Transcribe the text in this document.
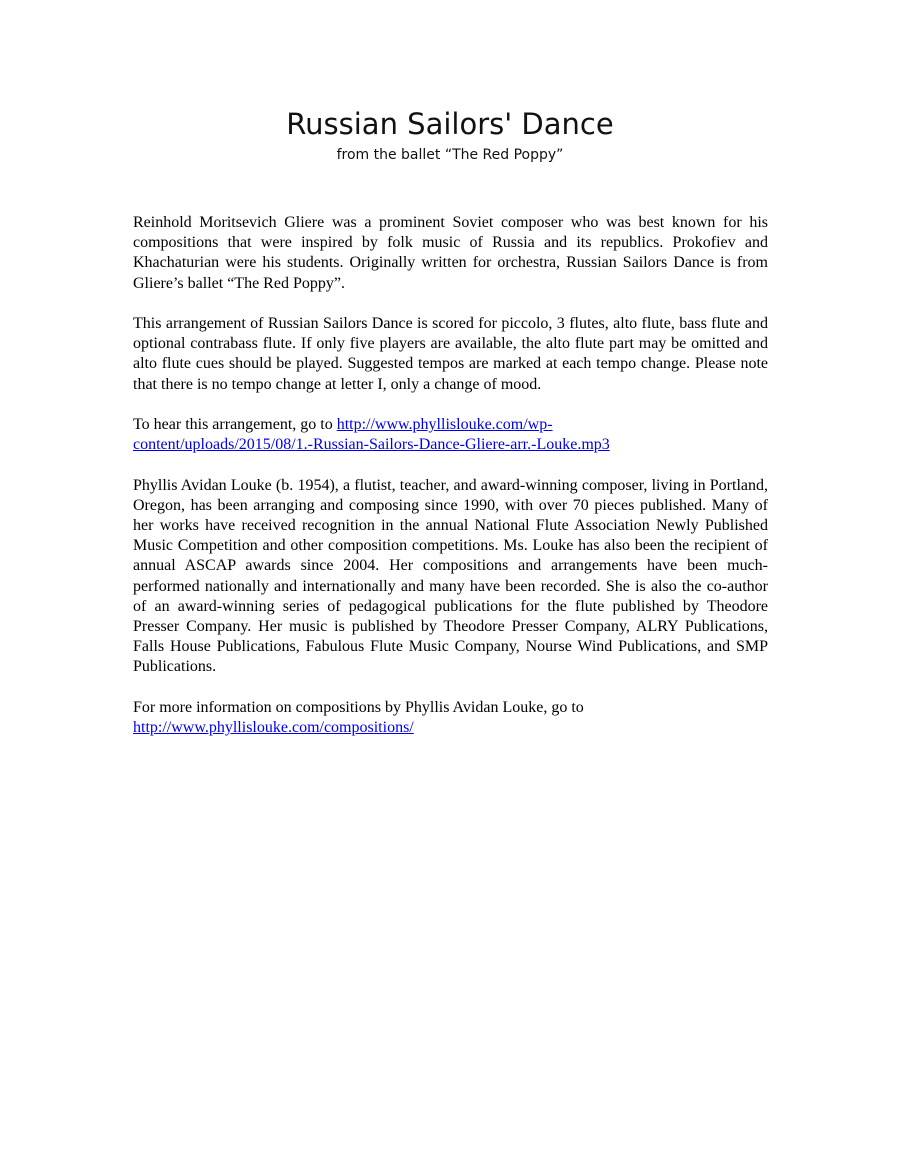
Russian Sailors' Dance
from the ballet “The Red Poppy”

Reinhold Moritsevich Gliere was a prominent Soviet composer who was best known for his compositions that were inspired by folk music of Russia and its republics. Prokofiev and Khachaturian were his students. Originally written for orchestra, Russian Sailors Dance is from Gliere’s ballet “The Red Poppy”.

This arrangement of Russian Sailors Dance is scored for piccolo, 3 flutes, alto flute, bass flute and optional contrabass flute. If only five players are available, the alto flute part may be omitted and alto flute cues should be played. Suggested tempos are marked at each tempo change. Please note that there is no tempo change at letter I, only a change of mood.

To hear this arrangement, go to http://www.phyllislouke.com/wp-
content/uploads/2015/08/1.-Russian-Sailors-Dance-Gliere-arr.-Louke.mp3

Phyllis Avidan Louke (b. 1954), a flutist, teacher, and award-winning composer, living in Portland, Oregon, has been arranging and composing since 1990, with over 70 pieces published. Many of her works have received recognition in the annual National Flute Association Newly Published Music Competition and other composition competitions. Ms. Louke has also been the recipient of annual ASCAP awards since 2004. Her compositions and arrangements have been much-performed nationally and internationally and many have been recorded. She is also the co-author of an award-winning series of pedagogical publications for the flute published by Theodore Presser Company. Her music is published by Theodore Presser Company, ALRY Publications, Falls House Publications, Fabulous Flute Music Company, Nourse Wind Publications, and SMP Publications.

For more information on compositions by Phyllis Avidan Louke, go to
http://www.phyllislouke.com/compositions/
